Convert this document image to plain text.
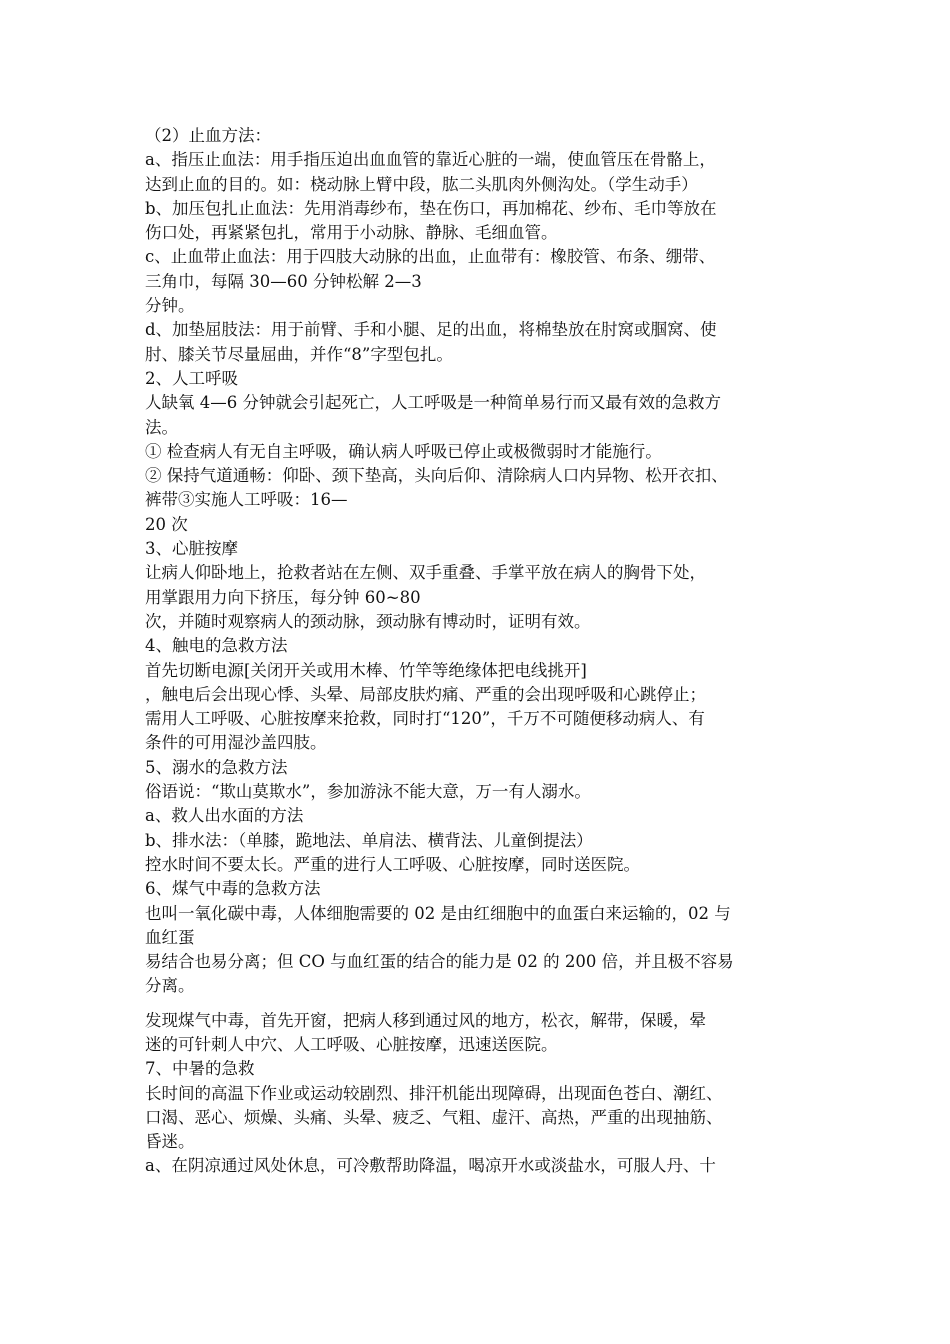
（2）止血方法：
a、指压止血法：用手指压迫出血血管的靠近心脏的一端，使血管压在骨骼上，
达到止血的目的。如：桡动脉上臂中段，肱二头肌肉外侧沟处。（学生动手）
b、加压包扎止血法：先用消毒纱布，垫在伤口，再加棉花、纱布、毛巾等放在
伤口处，再紧紧包扎，常用于小动脉、静脉、毛细血管。
c、止血带止血法：用于四肢大动脉的出血，止血带有：橡胶管、布条、绷带、
三角巾，每隔 30—60 分钟松解 2—3
分钟。
d、加垫屈肢法：用于前臂、手和小腿、足的出血，将棉垫放在肘窝或腘窝、使
肘、膝关节尽量屈曲，并作“8”字型包扎。
2、人工呼吸
人缺氧 4—6 分钟就会引起死亡，人工呼吸是一种简单易行而又最有效的急救方
法。
① 检查病人有无自主呼吸，确认病人呼吸已停止或极微弱时才能施行。
② 保持气道通畅：仰卧、颈下垫高，头向后仰、清除病人口内异物、松开衣扣、
裤带③实施人工呼吸：16—
20 次
3、心脏按摩
让病人仰卧地上，抢救者站在左侧、双手重叠、手掌平放在病人的胸骨下处，
用掌跟用力向下挤压，每分钟 60~80
次，并随时观察病人的颈动脉，颈动脉有博动时，证明有效。
4、触电的急救方法
首先切断电源[关闭开关或用木棒、竹竿等绝缘体把电线挑开]
，触电后会出现心悸、头晕、局部皮肤灼痛、严重的会出现呼吸和心跳停止；
需用人工呼吸、心脏按摩来抢救，同时打“120”，千万不可随便移动病人、有
条件的可用湿沙盖四肢。
5、溺水的急救方法
俗语说：“欺山莫欺水”，参加游泳不能大意，万一有人溺水。
a、救人出水面的方法
b、排水法：（单膝，跪地法、单肩法、横背法、儿童倒提法）
控水时间不要太长。严重的进行人工呼吸、心脏按摩，同时送医院。
6、煤气中毒的急救方法
也叫一氧化碳中毒，人体细胞需要的 02 是由红细胞中的血蛋白来运输的，02 与
血红蛋
易结合也易分离；但 CO 与血红蛋的结合的能力是 02 的 200 倍，并且极不容易
分离。
发现煤气中毒，首先开窗，把病人移到通过风的地方，松衣，解带，保暖，晕
迷的可针刺人中穴、人工呼吸、心脏按摩，迅速送医院。
7、中暑的急救
长时间的高温下作业或运动较剧烈、排汗机能出现障碍，出现面色苍白、潮红、
口渴、恶心、烦燥、头痛、头晕、疲乏、气粗、虚汗、高热，严重的出现抽筋、
昏迷。
a、在阴凉通过风处休息，可冷敷帮助降温，喝凉开水或淡盐水，可服人丹、十
